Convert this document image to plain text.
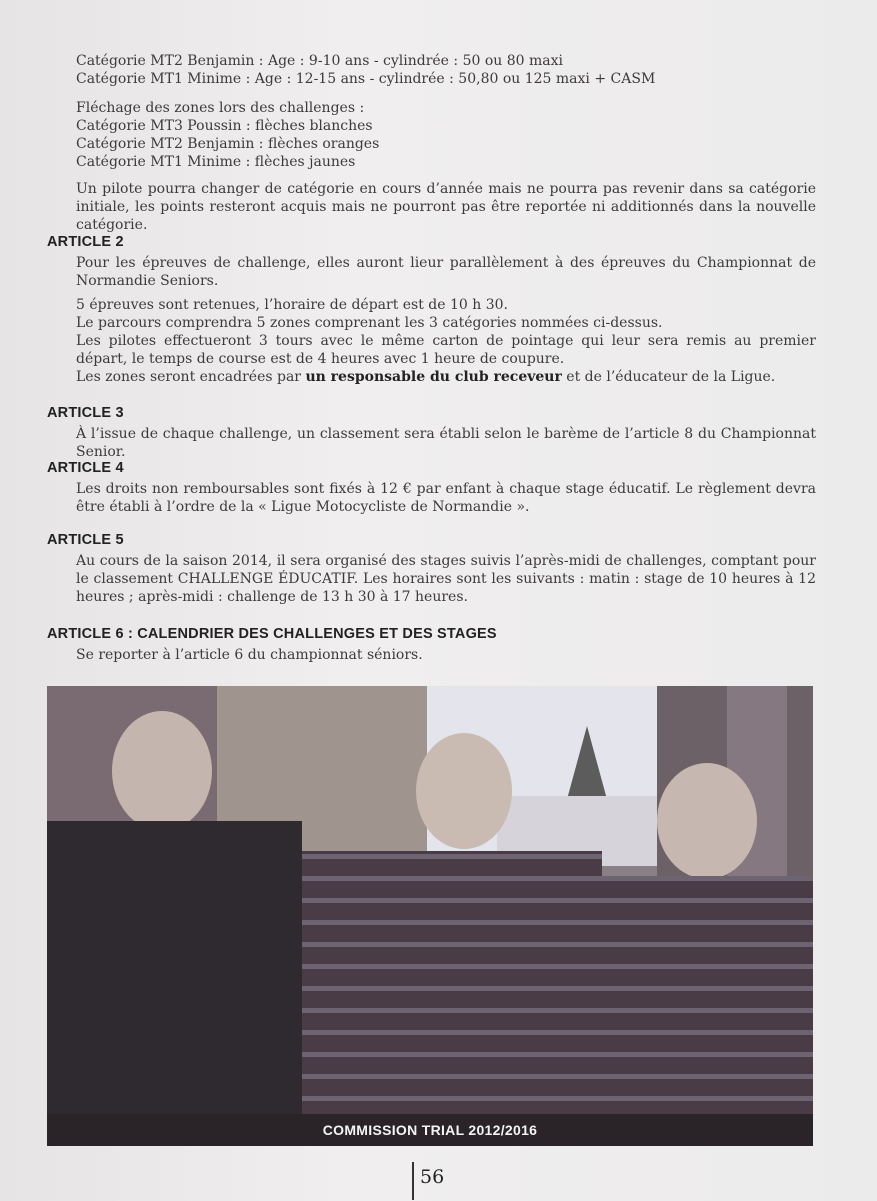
Catégorie MT2 Benjamin : Age : 9-10 ans - cylindrée : 50 ou 80 maxi
Catégorie MT1 Minime : Age : 12-15 ans - cylindrée : 50,80 ou 125 maxi + CASM
Fléchage des zones lors des challenges :
Catégorie MT3 Poussin : flèches blanches
Catégorie MT2 Benjamin : flèches oranges
Catégorie MT1 Minime : flèches jaunes
Un pilote pourra changer de catégorie en cours d’année mais ne pourra pas revenir dans sa catégorie initiale, les points resteront acquis mais ne pourront pas être reportée ni additionnés dans la nouvelle catégorie.
ARTICLE 2
Pour les épreuves de challenge, elles auront lieur parallèlement à des épreuves du Championnat de Normandie Seniors.
5 épreuves sont retenues, l’horaire de départ est de 10 h 30.
Le parcours comprendra 5 zones comprenant les 3 catégories nommées ci-dessus.
Les pilotes effectueront 3 tours avec le même carton de pointage qui leur sera remis au premier départ, le temps de course est de 4 heures avec 1 heure de coupure.
Les zones seront encadrées par un responsable du club receveur et de l’éducateur de la Ligue.
ARTICLE 3
À l’issue de chaque challenge, un classement sera établi selon le barème de l’article 8 du Championnat Senior.
ARTICLE 4
Les droits non remboursables sont fixés à 12 € par enfant à chaque stage éducatif. Le règlement devra être établi à l’ordre de la « Ligue Motocycliste de Normandie ».
ARTICLE 5
Au cours de la saison 2014, il sera organisé des stages suivis l’après-midi de challenges, comptant pour le classement CHALLENGE ÉDUCATIF. Les horaires sont les suivants : matin : stage de 10 heures à 12 heures ; après-midi : challenge de 13 h 30 à 17 heures.
ARTICLE 6 : CALENDRIER DES CHALLENGES ET DES STAGES
Se reporter à l’article 6 du championnat séniors.
COMMISSION TRIAL 2012/2016
56
